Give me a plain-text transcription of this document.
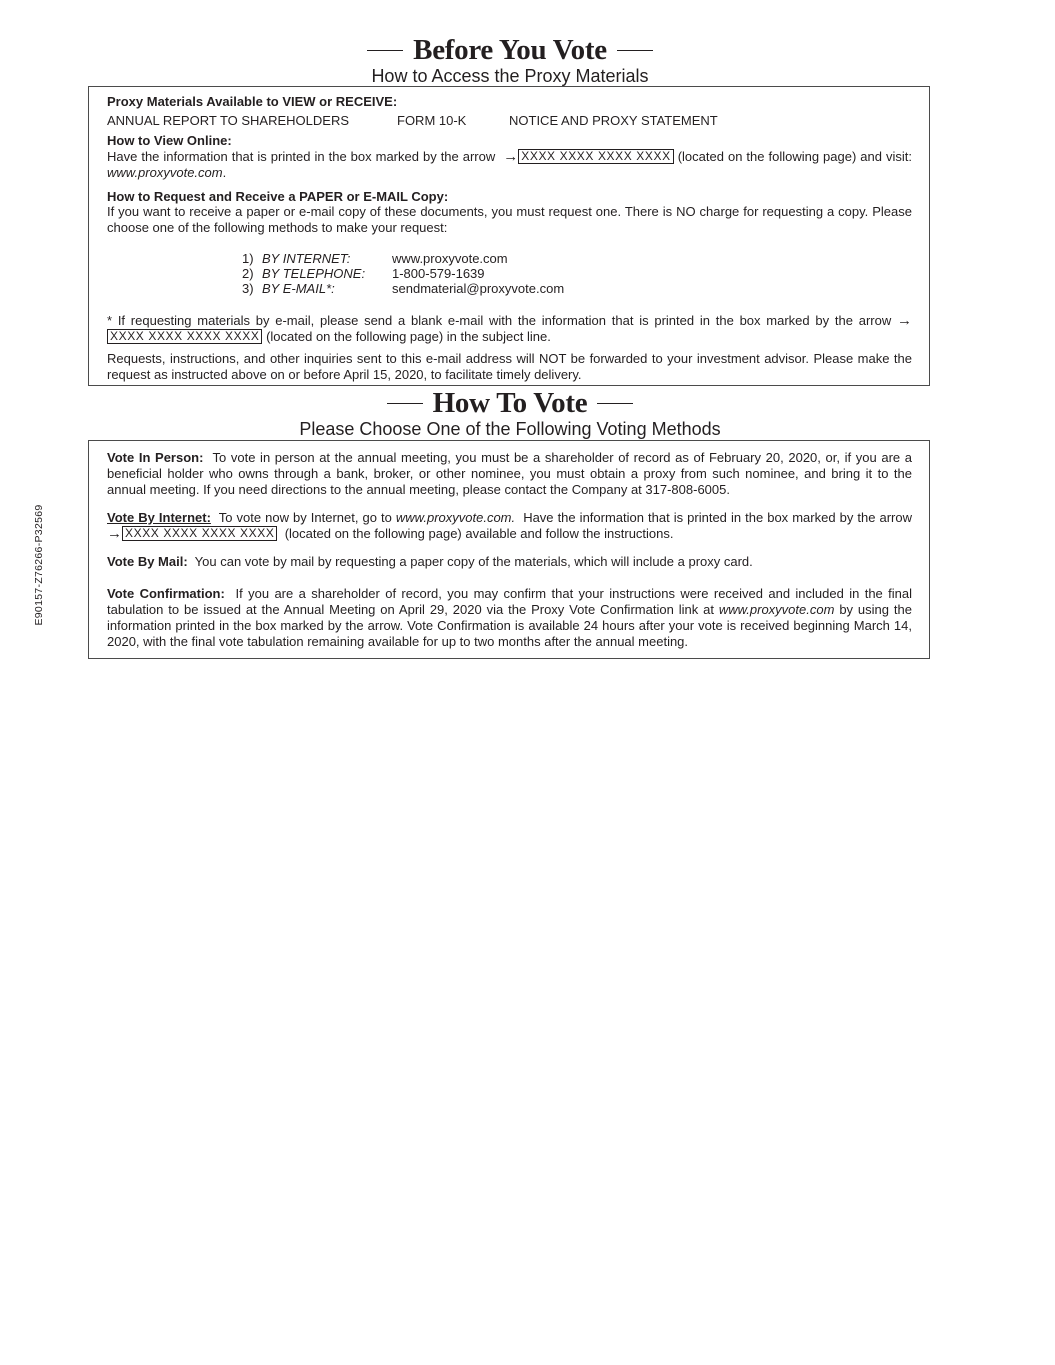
E90157-Z76266-P32569
Before You Vote
How to Access the Proxy Materials

Proxy Materials Available to VIEW or RECEIVE:

ANNUAL REPORT TO SHAREHOLDERS	FORM 10-K	NOTICE AND PROXY STATEMENT

How to View Online:

Have the information that is printed in the box marked by the arrow → XXXX XXXX XXXX XXXX (located on the following page) and visit: www.proxyvote.com.

How to Request and Receive a PAPER or E-MAIL Copy:

If you want to receive a paper or e-mail copy of these documents, you must request one. There is NO charge for requesting a copy. Please choose one of the following methods to make your request:

1) BY INTERNET:	www.proxyvote.com
2) BY TELEPHONE: 1-800-579-1639
3) BY E-MAIL*:	sendmaterial@proxyvote.com

* If requesting materials by e-mail, please send a blank e-mail with the information that is printed in the box marked by the arrow →XXXX XXXX XXXX XXXX (located on the following page) in the subject line.

Requests, instructions, and other inquiries sent to this e-mail address will NOT be forwarded to your investment advisor. Please make the request as instructed above on or before April 15, 2020, to facilitate timely delivery.

How To Vote
Please Choose One of the Following Voting Methods

Vote In Person: To vote in person at the annual meeting, you must be a shareholder of record as of February 20, 2020, or, if you are a beneficial holder who owns through a bank, broker, or other nominee, you must obtain a proxy from such nominee, and bring it to the annual meeting. If you need directions to the annual meeting, please contact the Company at 317-808-6005.

Vote By Internet: To vote now by Internet, go to www.proxyvote.com. Have the information that is printed in the box marked by the arrow → XXXX XXXX XXXX XXXX (located on the following page) available and follow the instructions.

Vote By Mail: You can vote by mail by requesting a paper copy of the materials, which will include a proxy card.

Vote Confirmation: If you are a shareholder of record, you may confirm that your instructions were received and included in the final tabulation to be issued at the Annual Meeting on April 29, 2020 via the Proxy Vote Confirmation link at www.proxyvote.com by using the information printed in the box marked by the arrow. Vote Confirmation is available 24 hours after your vote is received beginning March 14, 2020, with the final vote tabulation remaining available for up to two months after the annual meeting.
